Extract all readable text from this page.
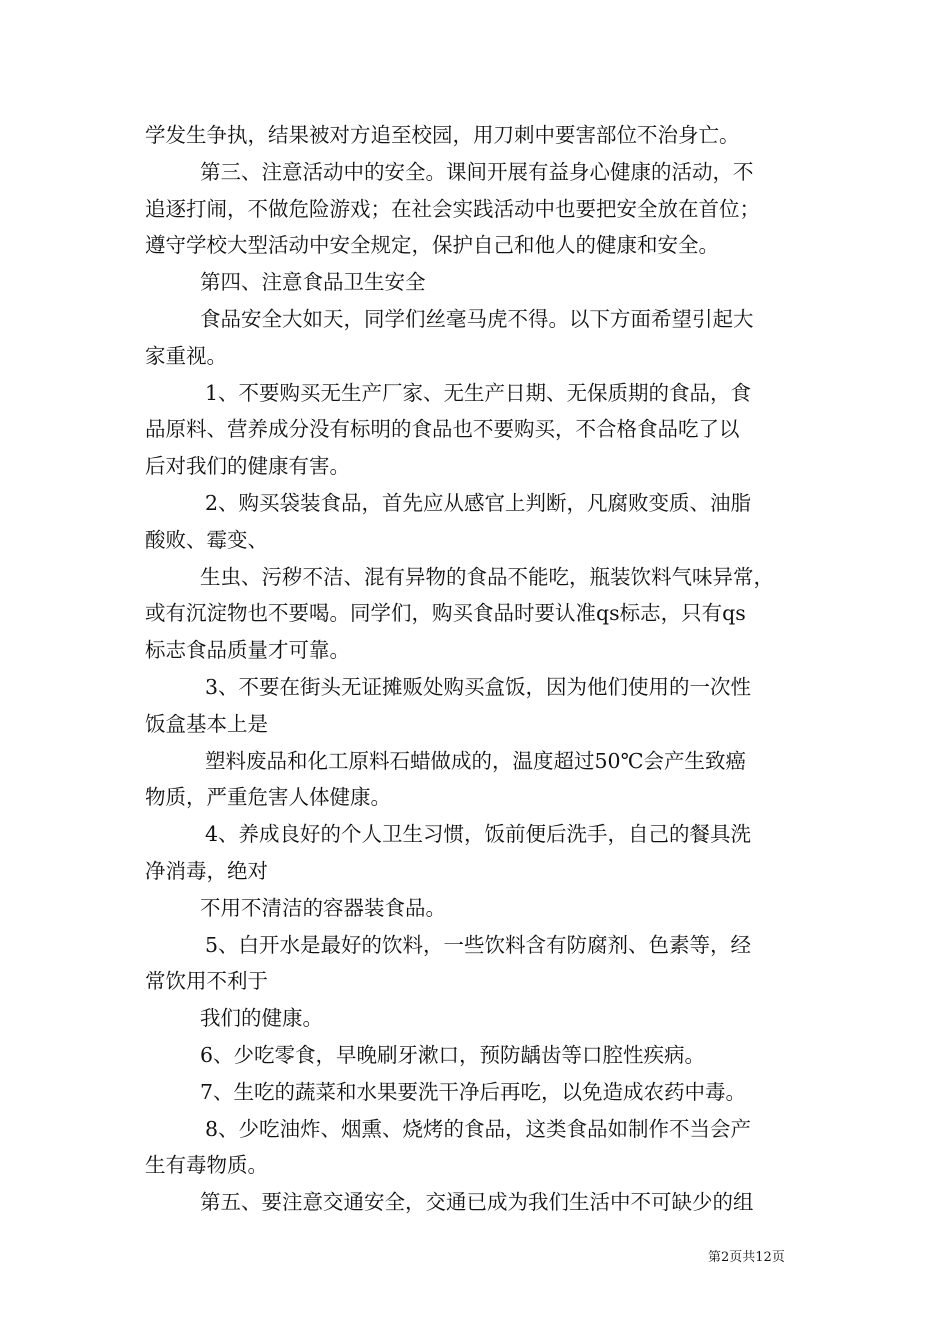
学发生争执，结果被对方追至校园，用刀刺中要害部位不治身亡。
第三、注意活动中的安全。课间开展有益身心健康的活动，不
追逐打闹，不做危险游戏；在社会实践活动中也要把安全放在首位；
遵守学校大型活动中安全规定，保护自己和他人的健康和安全。
第四、注意食品卫生安全
食品安全大如天，同学们丝毫马虎不得。以下方面希望引起大
家重视。
1、不要购买无生产厂家、无生产日期、无保质期的食品，食
品原料、营养成分没有标明的食品也不要购买，不合格食品吃了以
后对我们的健康有害。
2、购买袋装食品，首先应从感官上判断，凡腐败变质、油脂
酸败、霉变、
生虫、污秽不洁、混有异物的食品不能吃，瓶装饮料气味异常，
或有沉淀物也不要喝。同学们，购买食品时要认准qs标志，只有qs
标志食品质量才可靠。
3、不要在街头无证摊贩处购买盒饭，因为他们使用的一次性
饭盒基本上是
塑料废品和化工原料石蜡做成的，温度超过50℃会产生致癌
物质，严重危害人体健康。
4、养成良好的个人卫生习惯，饭前便后洗手，自己的餐具洗
净消毒，绝对
不用不清洁的容器装食品。
5、白开水是最好的饮料，一些饮料含有防腐剂、色素等，经
常饮用不利于
我们的健康。
6、少吃零食，早晚刷牙漱口，预防龋齿等口腔性疾病。
7、生吃的蔬菜和水果要洗干净后再吃，以免造成农药中毒。
8、少吃油炸、烟熏、烧烤的食品，这类食品如制作不当会产
生有毒物质。
第五、要注意交通安全，交通已成为我们生活中不可缺少的组
第2页共12页
